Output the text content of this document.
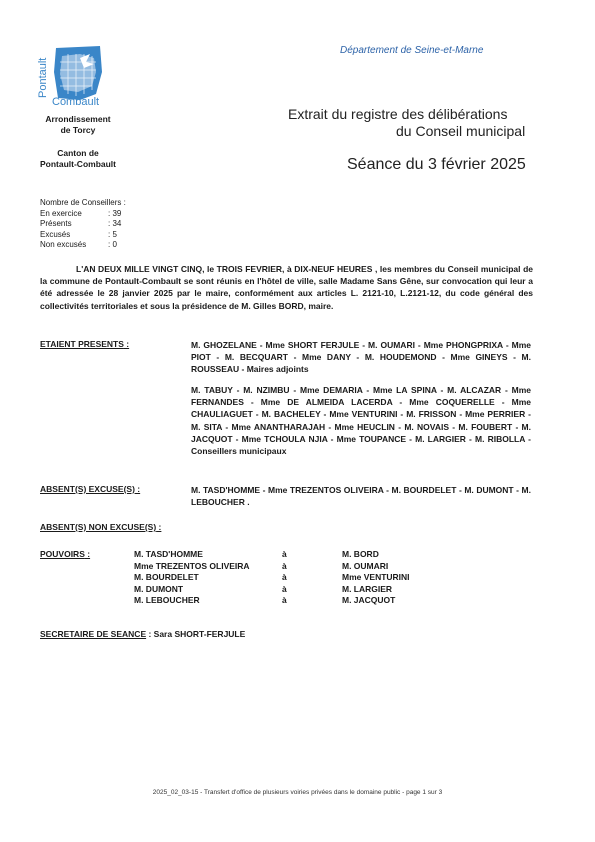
Pontault
Combault
Arrondissement
de Torcy
Canton de
Pontault-Combault
Département de Seine-et-Marne
Extrait du registre des délibérations
du Conseil municipal
Séance du 3 février 2025
Nombre de Conseillers :
En exercice	: 39
Présents	: 34
Excusés	: 5
Non excusés	: 0
L'AN DEUX MILLE VINGT CINQ, le TROIS FEVRIER, à DIX-NEUF HEURES , les membres du Conseil municipal de la commune de Pontault-Combault se sont réunis en l'hôtel de ville, salle Madame Sans Gêne, sur convocation qui leur a été adressée le 28 janvier 2025 par le maire, conformément aux articles L. 2121-10, L.2121-12, du code général des collectivités territoriales et sous la présidence de M. Gilles BORD, maire.
ETAIENT PRESENTS :	M. GHOZELANE - Mme SHORT FERJULE - M. OUMARI - Mme PHONGPRIXA - Mme PIOT - M. BECQUART - Mme DANY - M. HOUDEMOND - Mme GINEYS - M. ROUSSEAU - Maires adjoints
M. TABUY - M. NZIMBU - Mme DEMARIA - Mme LA SPINA - M. ALCAZAR - Mme FERNANDES - Mme DE ALMEIDA LACERDA - Mme COQUERELLE - Mme CHAULIAGUET - M. BACHELEY - Mme VENTURINI - M. FRISSON - Mme PERRIER - M. SITA - Mme ANANTHARAJAH - Mme HEUCLIN - M. NOVAIS - M. FOUBERT - M. JACQUOT - Mme TCHOULA NJIA - Mme TOUPANCE - M. LARGIER - M. RIBOLLA - Conseillers municipaux
ABSENT(S) EXCUSE(S) :	M. TASD'HOMME - Mme TREZENTOS OLIVEIRA - M. BOURDELET - M. DUMONT - M. LEBOUCHER .
ABSENT(S) NON EXCUSE(S) :
POUVOIRS :	M. TASD'HOMME	à	M. BORD
Mme TREZENTOS OLIVEIRA	à	M. OUMARI
M. BOURDELET	à	Mme VENTURINI
M. DUMONT	à	M. LARGIER
M. LEBOUCHER	à	M. JACQUOT
SECRETAIRE DE SEANCE : Sara SHORT-FERJULE
2025_02_03-15 - Transfert d'office de plusieurs voiries privées dans le domaine public - page 1 sur 3
